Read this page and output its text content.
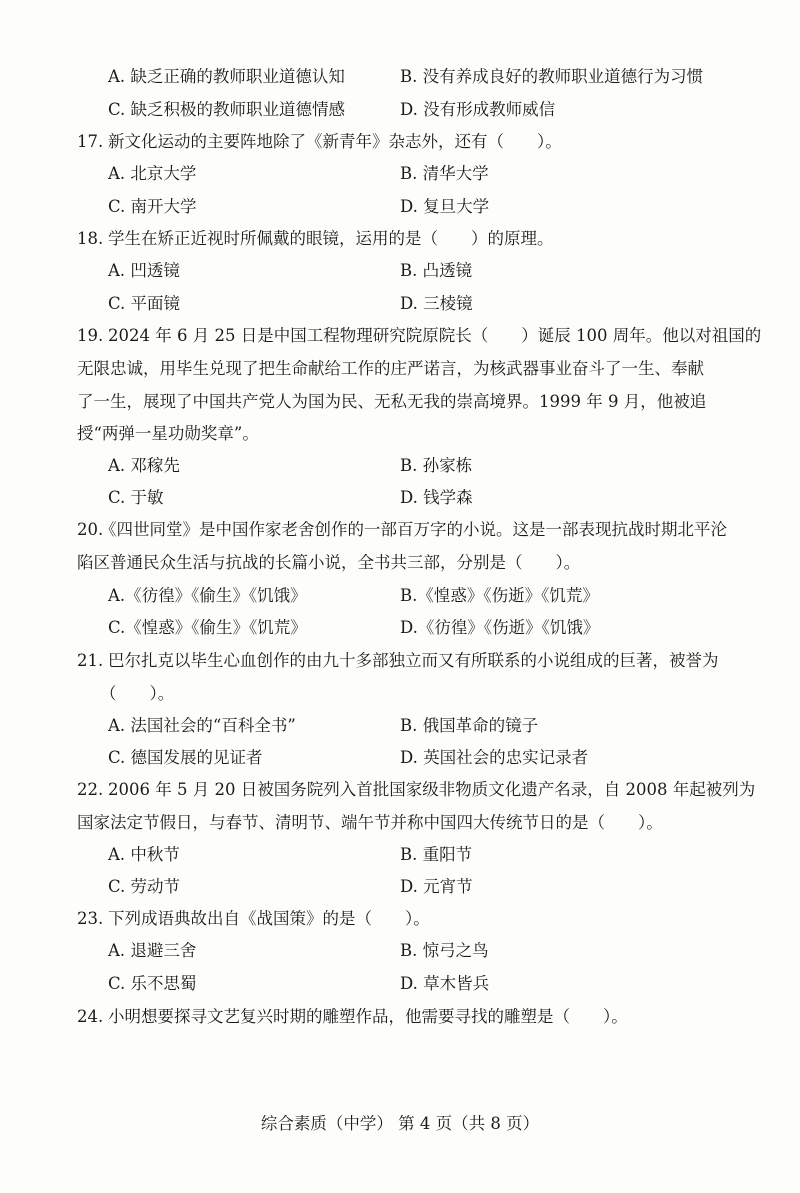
A. 缺乏正确的教师职业道德认知	B. 没有养成良好的教师职业道德行为习惯
C. 缺乏积极的教师职业道德情感	D. 没有形成教师威信
17. 新文化运动的主要阵地除了《新青年》杂志外，还有（　　）。
A. 北京大学	B. 清华大学
C. 南开大学	D. 复旦大学
18. 学生在矫正近视时所佩戴的眼镜，运用的是（　　）的原理。
A. 凹透镜	B. 凸透镜
C. 平面镜	D. 三棱镜
19. 2024 年 6 月 25 日是中国工程物理研究院原院长（　　）诞辰 100 周年。他以对祖国的
无限忠诚，用毕生兑现了把生命献给工作的庄严诺言，为核武器事业奋斗了一生、奉献
了一生，展现了中国共产党人为国为民、无私无我的崇高境界。1999 年 9 月，他被追
授“两弹一星功勋奖章”。
A. 邓稼先	B. 孙家栋
C. 于敏	D. 钱学森
20.
《四世同堂》是中国作家老舍创作的一部百万字的小说。这是一部表现抗战时期北平沦
陷区普通民众生活与抗战的长篇小说，全书共三部，分别是（　　）。
A.《彷徨》《偷生》《饥饿》	B.《惶惑》《伤逝》《饥荒》
C.《惶惑》《偷生》《饥荒》	D.《彷徨》《伤逝》《饥饿》
21. 巴尔扎克以毕生心血创作的由九十多部独立而又有所联系的小说组成的巨著，被誉为
（　　）。
A. 法国社会的“百科全书”	B. 俄国革命的镜子
C. 德国发展的见证者	D. 英国社会的忠实记录者
22. 2006 年 5 月 20 日被国务院列入首批国家级非物质文化遗产名录，自 2008 年起被列为
国家法定节假日，与春节、清明节、端午节并称中国四大传统节日的是（　　）。
A. 中秋节	B. 重阳节
C. 劳动节	D. 元宵节
23. 下列成语典故出自《战国策》的是（　　）。
A. 退避三舍	B. 惊弓之鸟
C. 乐不思蜀	D. 草木皆兵
24. 小明想要探寻文艺复兴时期的雕塑作品，他需要寻找的雕塑是（　　）。
综合素质（中学） 第 4 页（共 8 页）
